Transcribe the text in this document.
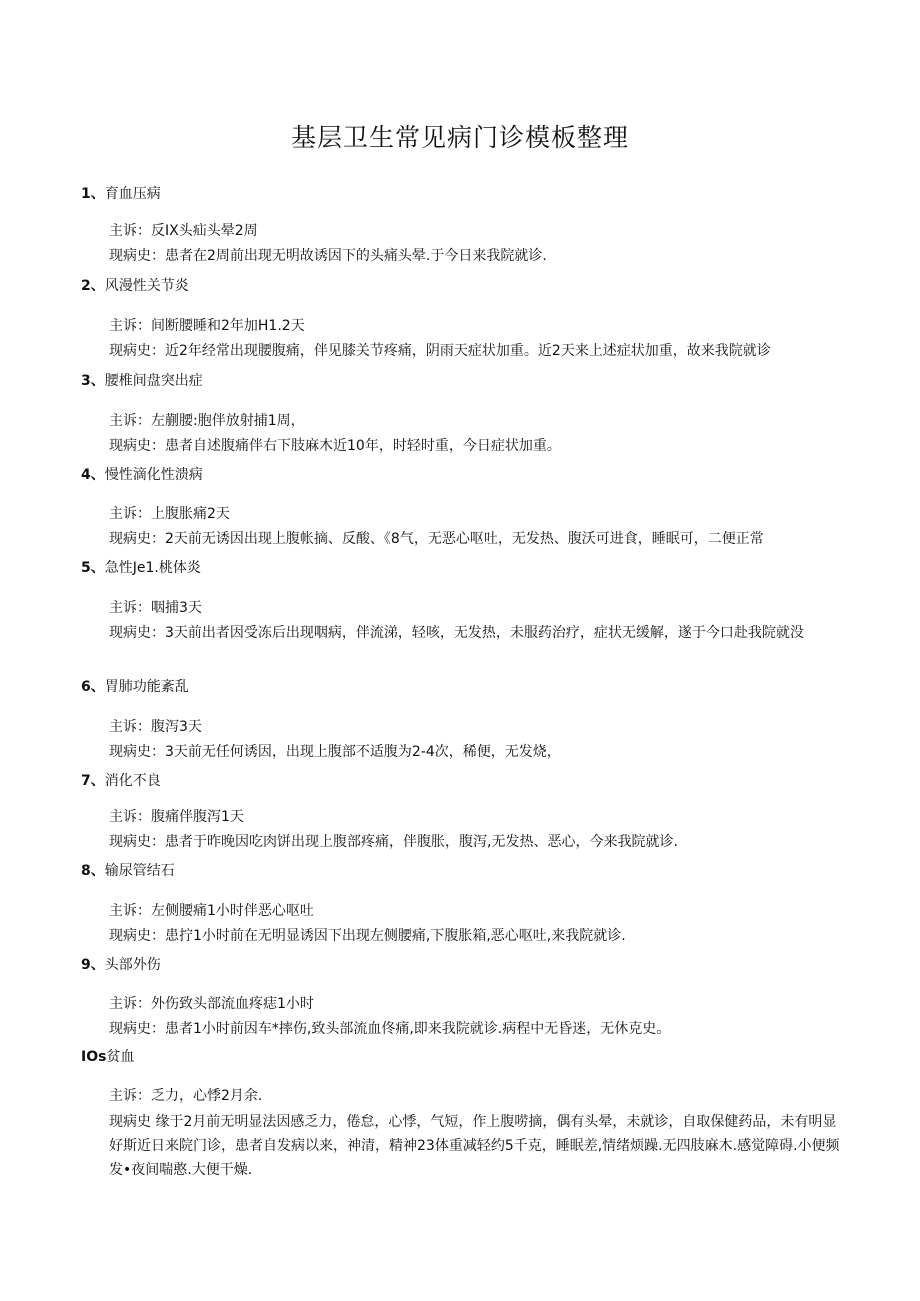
基层卫生常见病门诊模板整理
1、育血压病
主诉：反IX头疝头晕2周
现病史：患者在2周前出现无明故诱因下的头痛头晕.于今日来我院就诊.
2、风漫性关节炎
主诉：间断腰睡和2年加H1.2天
现病史：近2年经常出现腰腹痛，伴见膝关节疼痛，阴雨天症状加重。近2天来上述症状加重，故来我院就诊
3、腰椎间盘突出症
主诉：左蒯腰:胞伴放射捕1周，
现病史：患者自述腹痛伴右下肢麻木近10年，时轻时重，今日症状加重。
4、慢性滴化性溃病
主诉：上腹胀痛2天
现病史：2天前无诱因出现上腹帐摘、反酸、《8气，无恶心呕吐，无发热、腹沃可进食，睡眠可，二便正常
5、急性Je1.桃体炎
主诉：咽捕3天
现病史：3天前出者因受冻后出现咽病，伴流涕，轻咳，无发热，未服药治疗，症状无缓解，遂于今口赴我院就没
6、胃肺功能紊乱
主诉：腹泻3天
现病史：3天前无任何诱因，出现上腹部不适腹为2-4次，稀便，无发烧，
7、消化不良
主诉：腹痛伴腹泻1天
现病史：患者于昨晚因吃肉饼出现上腹部疼痛，伴腹胀，腹泻,无发热、恶心，今来我院就诊.
8、输尿管结石
主诉：左侧腰痛1小时伴恶心呕吐
现病史：患拧1小时前在无明显诱因下出现左侧腰痛,下腹胀箱,恶心呕吐,来我院就诊.
9、头部外伤
主诉：外伤致头部流血疼痣1小时
现病史：患者1小时前因车*摔伤,致头部流血佟痛,即来我院就诊.病程中无昏迷，无休克史。
IOs贫血
主诉：乏力，心悸2月余.
现病史 缘于2月前无明显法因感乏力，倦怠，心悸，气短，作上腹唠摘，偶有头晕，未就诊，自取保健药品，未有明显好斯近日来院门诊，患者自发病以来，神清，精神23体重减轻约5千克，睡眠差,情绪烦躁.无四肢麻木.感觉障碍.小便频发•夜间喘憨.大便干燥.
